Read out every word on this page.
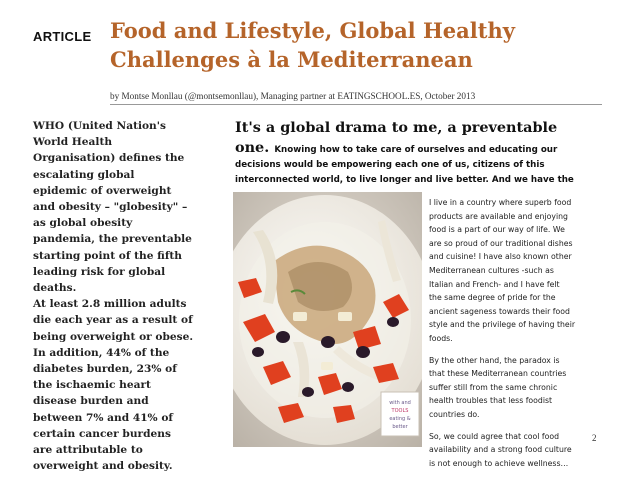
ARTICLE Food and Lifestyle, Global Healthy
Challenges à la Mediterranean
by Montse Monllau (@montsemonllau), Managing partner at EATINGSCHOOL.ES, October 2013
WHO (United Nation's
World Health
Organisation) defines the
escalating global
epidemic of overweight
and obesity – "globesity" –
as global obesity
pandemia, the preventable
starting point of the fifth
leading risk for global
deaths.
At least 2.8 million adults
die each year as a result of
being overweight or obese.
In addition, 44% of the
diabetes burden, 23% of
the ischaemic heart
disease burden and
between 7% and 41% of
certain cancer burdens
are attributable to
overweight and obesity.
It's a global drama to me, a preventable
one. Knowing how to take care of ourselves and educating our
decisions would be empowering each one of us, citizens of this
interconnected world, to live longer and live better. And we have the
with and
TOOLS
eating &
better

I live in a country where superb food
products are available and enjoying
food is a part of our way of life. We
are so proud of our traditional dishes
and cuisine! I have also known other
Mediterranean cultures -such as
Italian and French- and I have felt
the same degree of pride for the
ancient sageness towards their food
style and the privilege of having their
foods.

By the other hand, the paradox is
that these Mediterranean countries
suffer still from the same chronic
health troubles that less foodist
countries do.

So, we could agree that cool food
availability and a strong food culture
is not enough to achieve wellness…

2
